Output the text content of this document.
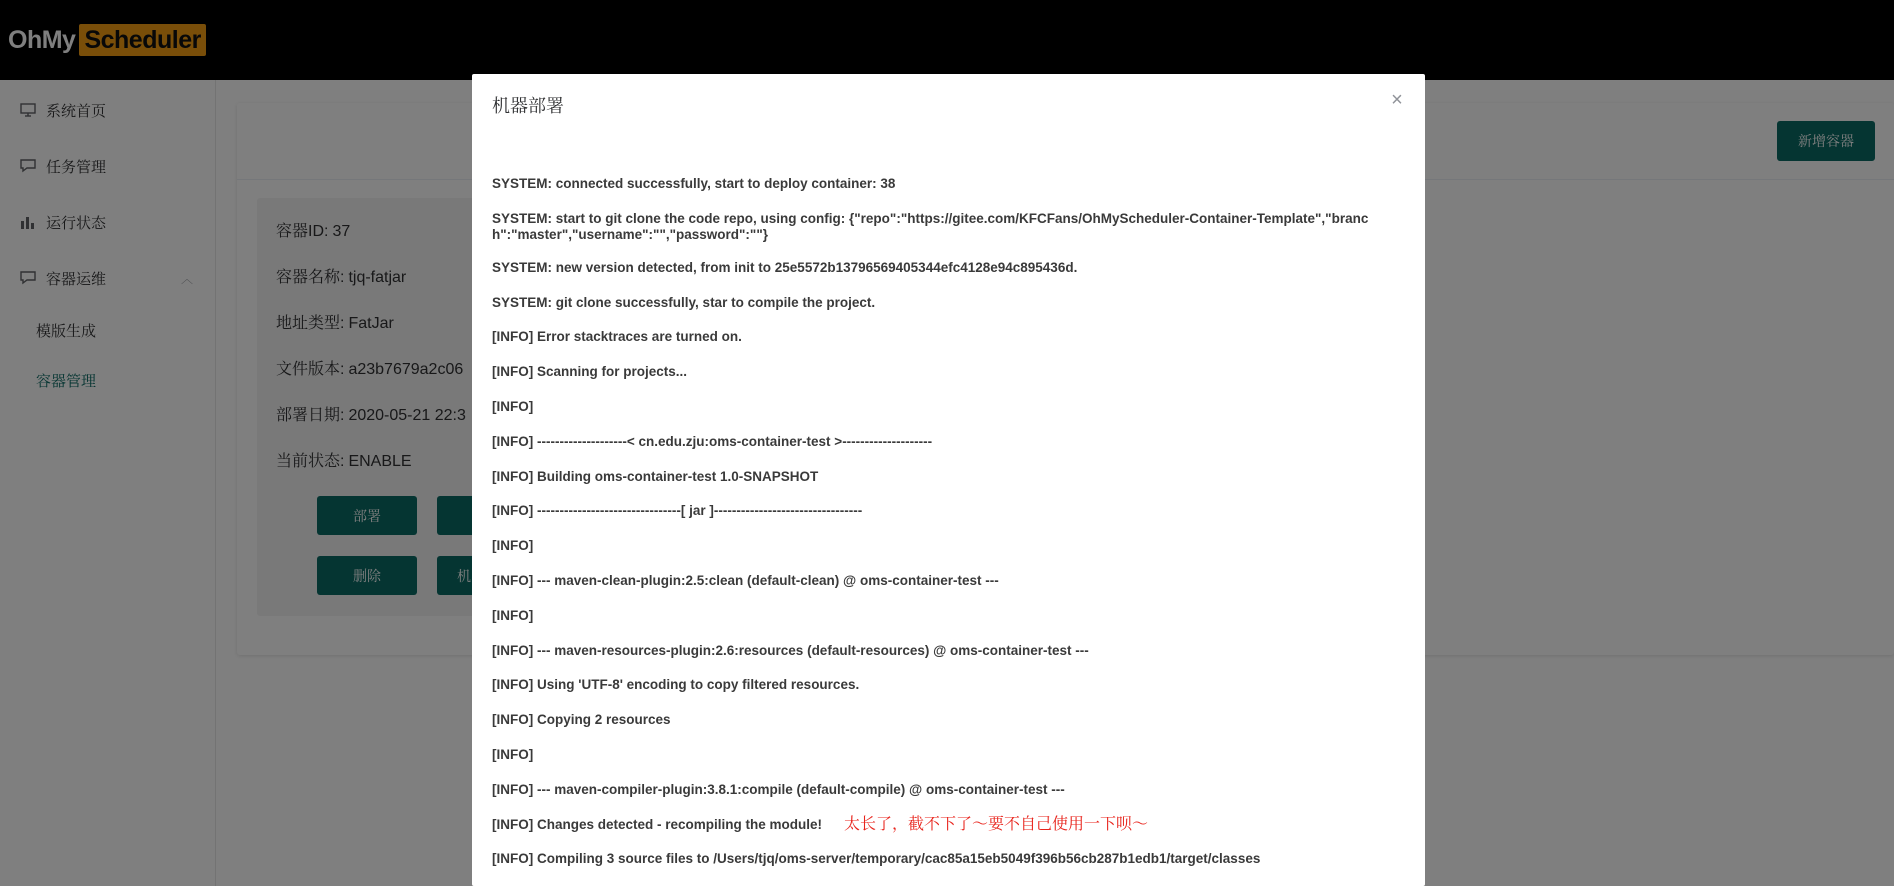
机器部署	×
SYSTEM: connected successfully, start to deploy container: 38
SYSTEM: start to git clone the code repo, using config: {"repo":"https://gitee.com/KFCFans/OhMyScheduler-Container-Template","branch":"master","username":"","password":""}
SYSTEM: new version detected, from init to 25e5572b13796569405344efc4128e94c895436d.
SYSTEM: git clone successfully, star to compile the project.
[INFO] Error stacktraces are turned on.
[INFO] Scanning for projects...
[INFO]
[INFO] --------------------< cn.edu.zju:oms-container-test >--------------------
[INFO] Building oms-container-test 1.0-SNAPSHOT
[INFO] --------------------------------[ jar ]---------------------------------
[INFO]
[INFO] --- maven-clean-plugin:2.5:clean (default-clean) @ oms-container-test ---
[INFO]
[INFO] --- maven-resources-plugin:2.6:resources (default-resources) @ oms-container-test ---
[INFO] Using 'UTF-8' encoding to copy filtered resources.
[INFO] Copying 2 resources
[INFO]
[INFO] --- maven-compiler-plugin:3.8.1:compile (default-compile) @ oms-container-test ---
[INFO] Changes detected - recompiling the module! 太长了，截不下了～要不自己使用一下呗～
[INFO] Compiling 3 source files to /Users/tjq/oms-server/temporary/cac85a15eb5049f396b56cb287b1edb1/target/classes
